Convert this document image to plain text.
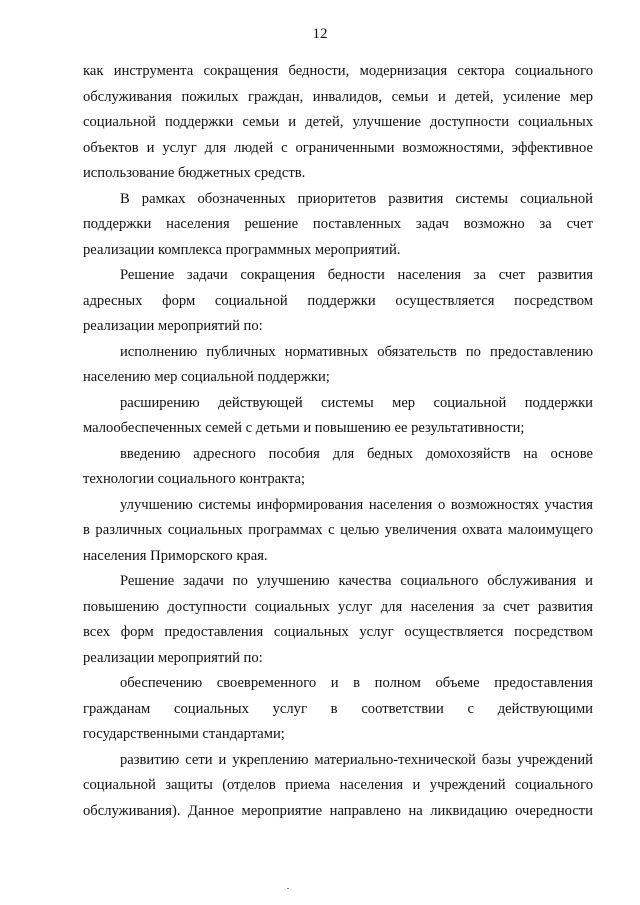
12
как инструмента сокращения бедности, модернизация сектора социального
обслуживания пожилых граждан, инвалидов, семьи и детей, усиление мер
социальной поддержки семьи и детей, улучшение доступности социальных
объектов и услуг для людей с ограниченными возможностями, эффективное
использование бюджетных средств.
В рамках обозначенных приоритетов развития системы социальной
поддержки населения решение поставленных задач возможно за счет
реализации комплекса программных мероприятий.
Решение задачи сокращения бедности населения за счет развития
адресных форм социальной поддержки осуществляется посредством
реализации мероприятий по:
исполнению публичных нормативных обязательств по предоставлению
населению мер социальной поддержки;
расширению действующей системы мер социальной поддержки
малообеспеченных семей с детьми и повышению ее результативности;
введению адресного пособия для бедных домохозяйств на основе
технологии социального контракта;
улучшению системы информирования населения о возможностях участия
в различных социальных программах с целью увеличения охвата малоимущего
населения Приморского края.
Решение задачи по улучшению качества социального обслуживания и
повышению доступности социальных услуг для населения за счет развития
всех форм предоставления социальных услуг осуществляется посредством
реализации мероприятий по:
обеспечению своевременного и в полном объеме предоставления
гражданам социальных услуг в соответствии с действующими
государственными стандартами;
развитию сети и укреплению материально-технической базы учреждений
социальной защиты (отделов приема населения и учреждений социального
обслуживания). Данное мероприятие направлено на ликвидацию очередности
